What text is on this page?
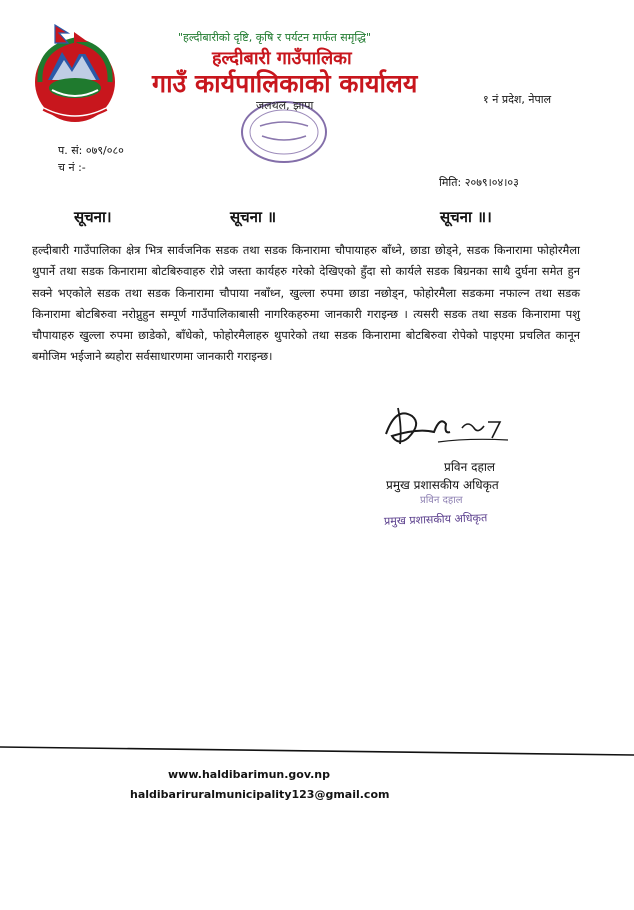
"हल्दीबारीको दृष्टि, कृषि र पर्यटन मार्फत समृद्धि"
हल्दीबारी गाउँपालिका
गाउँ कार्यपालिकाको कार्यालय
जलथल, झापा	१ नं प्रदेश, नेपाल
प. सं: ०७९/०८०
च नं :-
मिति: २०७९।०४।०३
सूचना।	सूचना ॥	सूचना ॥।
हल्दीबारी गाउँपालिका क्षेत्र भित्र सार्वजनिक सडक तथा सडक किनारामा चौपायाहरु बाँध्ने, छाडा छोड्ने, सडक किनारामा फोहोरमैला थुपार्ने तथा सडक किनारामा बोटबिरुवाहरु रोप्ने जस्ता कार्यहरु गरेको देखिएको हुँदा सो कार्यले सडक बिग्रनका साथै दुर्घना समेत हुन सक्ने भएकोले सडक तथा सडक किनारामा चौपाया नबाँध्न, खुल्ला रुपमा छाडा नछोड्न, फोहोरमैला सडकमा नफाल्न तथा सडक किनारामा बोटबिरुवा नरोप्नुहुन सम्पूर्ण गाउँपालिकाबासी नागरिकहरुमा जानकारी गराइन्छ । त्यसरी सडक तथा सडक किनारामा पशु चौपायाहरु खुल्ला रुपमा छाडेको, बाँधेको, फोहोरमैलाहरु थुपारेको तथा सडक किनारामा बोटबिरुवा रोपेको पाइएमा प्रचलित कानून बमोजिम भईजाने ब्यहोरा सर्वसाधारणमा जानकारी गराइन्छ।
प्रविन दहाल
प्रमुख प्रशासकीय अधिकृत
प्रविन दहाल
प्रमुख प्रशासकीय अधिकृत
www.haldibarimun.gov.np
haldibariruralmunicipality123@gmail.com
